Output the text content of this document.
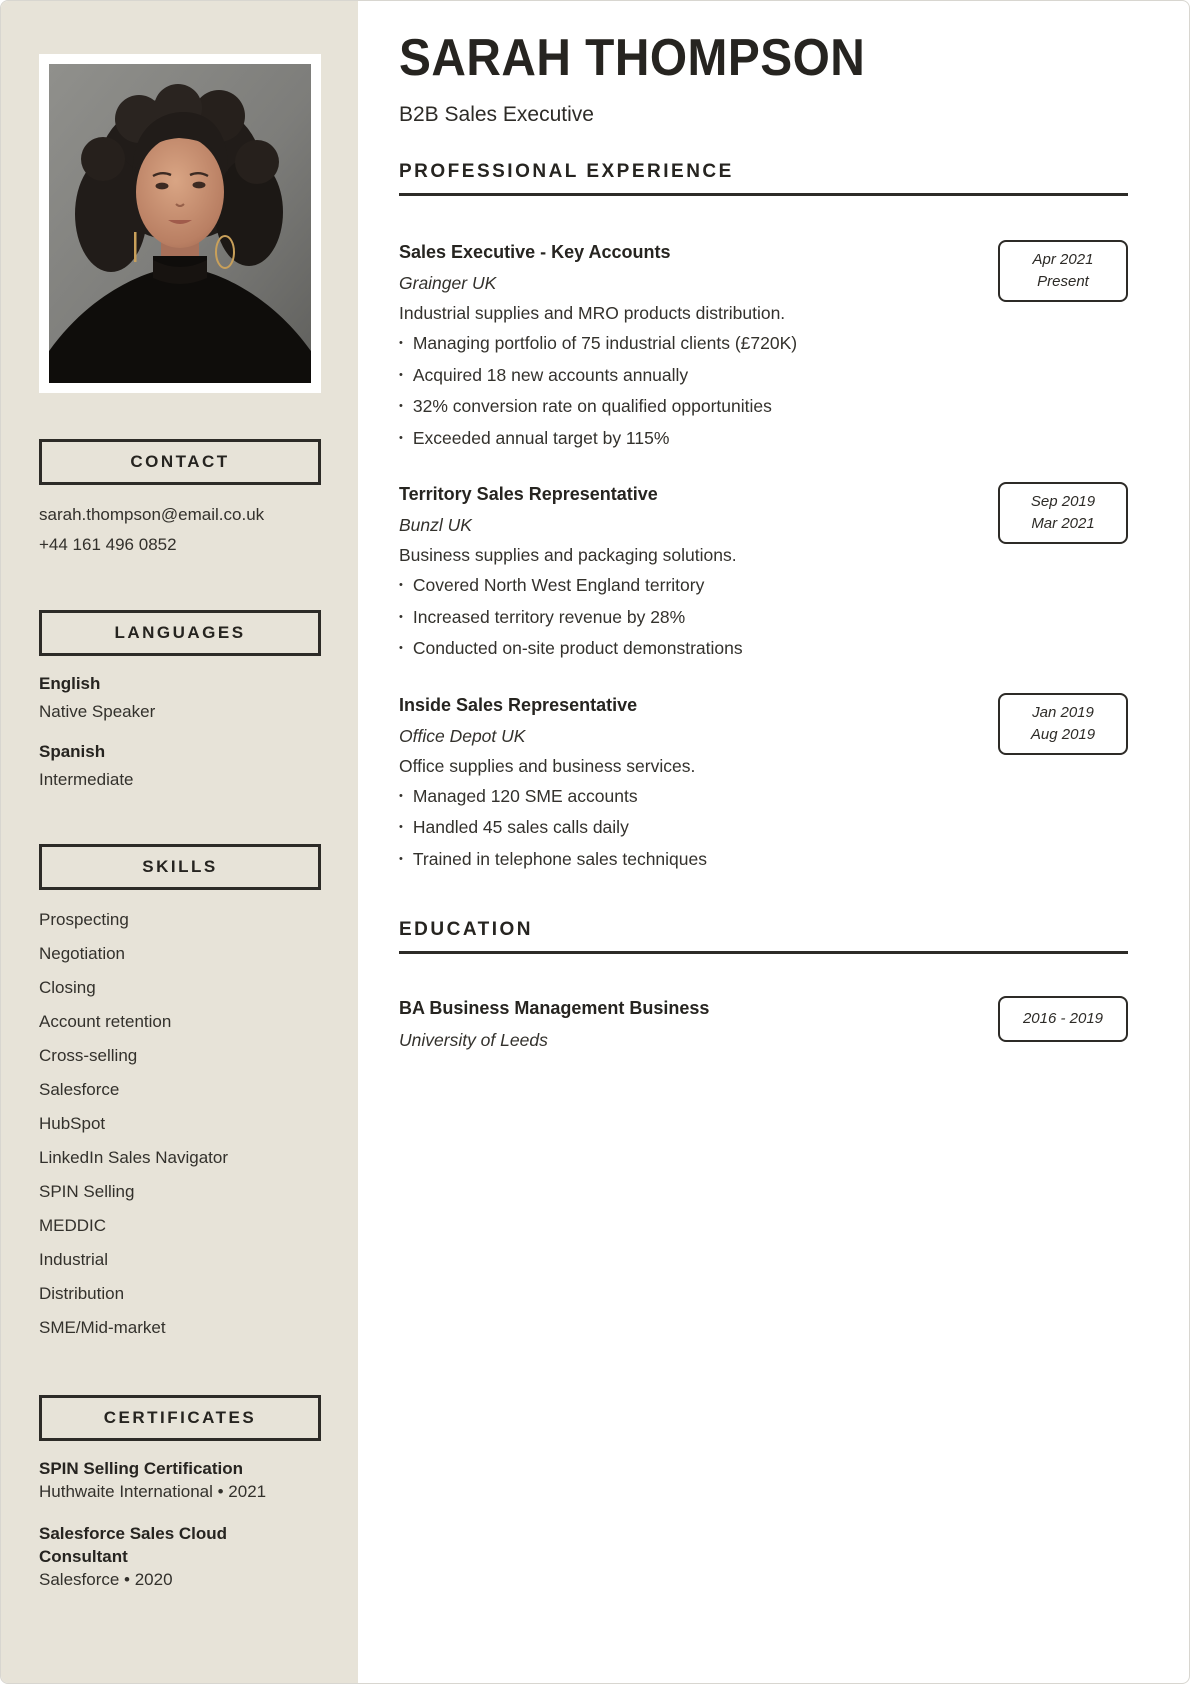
CONTACT
sarah.thompson@email.co.uk
+44 161 496 0852
LANGUAGES
English
Native Speaker
Spanish
Intermediate
SKILLS
Prospecting
Negotiation
Closing
Account retention
Cross-selling
Salesforce
HubSpot
LinkedIn Sales Navigator
SPIN Selling
MEDDIC
Industrial
Distribution
SME/Mid-market
CERTIFICATES
SPIN Selling Certification
Huthwaite International • 2021
Salesforce Sales Cloud Consultant
Salesforce • 2020
SARAH THOMPSON
B2B Sales Executive
PROFESSIONAL EXPERIENCE
Sales Executive - Key Accounts
Grainger UK
Industrial supplies and MRO products distribution.
• Managing portfolio of 75 industrial clients (£720K)
• Acquired 18 new accounts annually
• 32% conversion rate on qualified opportunities
• Exceeded annual target by 115%
Apr 2021
Present
Territory Sales Representative
Bunzl UK
Business supplies and packaging solutions.
• Covered North West England territory
• Increased territory revenue by 28%
• Conducted on-site product demonstrations
Sep 2019
Mar 2021
Inside Sales Representative
Office Depot UK
Office supplies and business services.
• Managed 120 SME accounts
• Handled 45 sales calls daily
• Trained in telephone sales techniques
Jan 2019
Aug 2019
EDUCATION
BA Business Management Business
University of Leeds
2016 - 2019
